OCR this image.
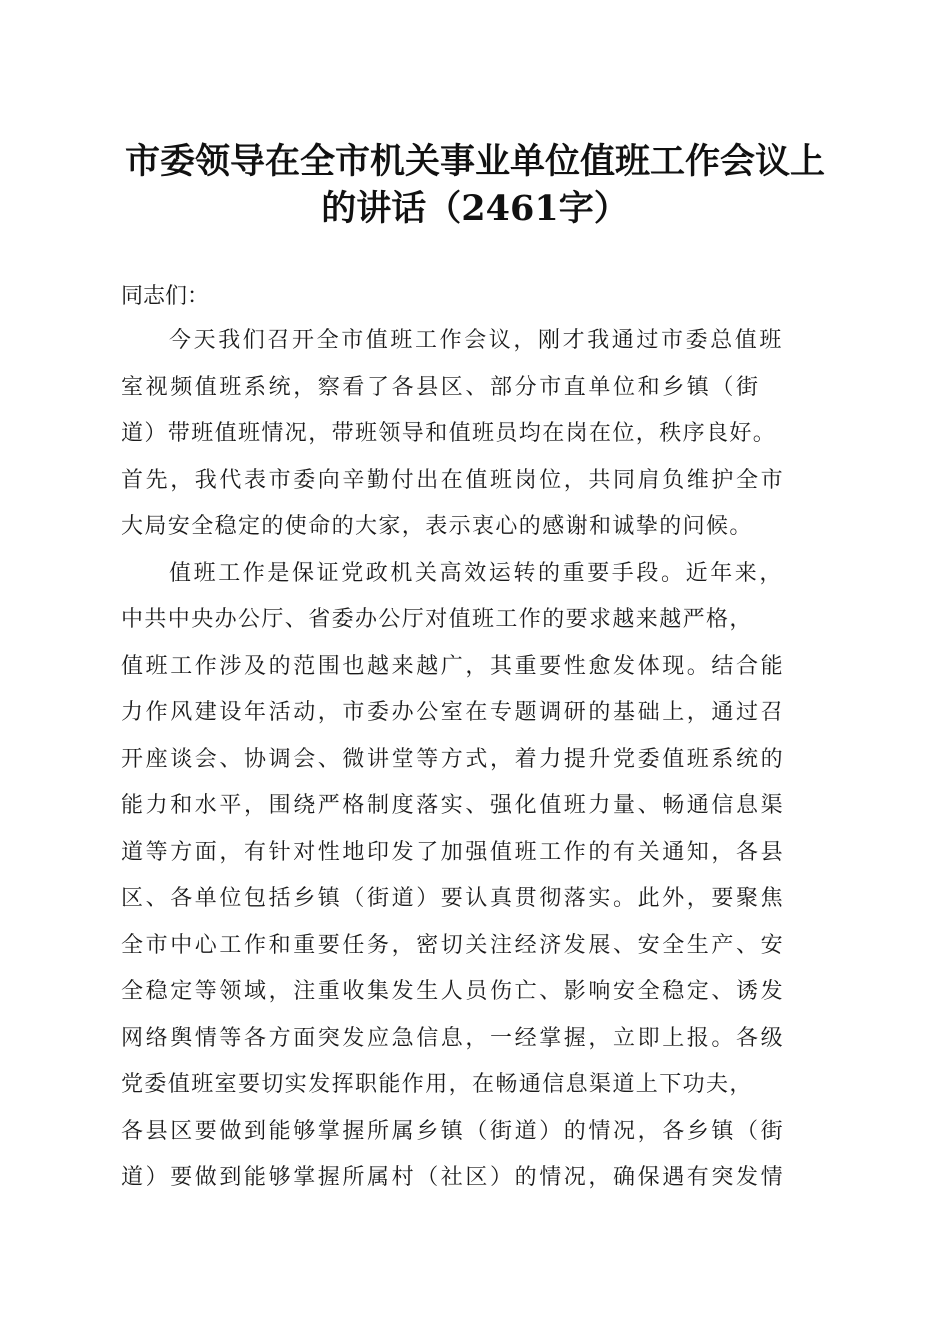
市委领导在全市机关事业单位值班工作会议上
的讲话（2461字）

同志们：

今天我们召开全市值班工作会议，刚才我通过市委总值班
室视频值班系统，察看了各县区、部分市直单位和乡镇（街
道）带班值班情况，带班领导和值班员均在岗在位，秩序良好。
首先，我代表市委向辛勤付出在值班岗位，共同肩负维护全市
大局安全稳定的使命的大家，表示衷心的感谢和诚挚的问候。
值班工作是保证党政机关高效运转的重要手段。近年来，
中共中央办公厅、省委办公厅对值班工作的要求越来越严格，
值班工作涉及的范围也越来越广，其重要性愈发体现。结合能
力作风建设年活动，市委办公室在专题调研的基础上，通过召
开座谈会、协调会、微讲堂等方式，着力提升党委值班系统的
能力和水平，围绕严格制度落实、强化值班力量、畅通信息渠
道等方面，有针对性地印发了加强值班工作的有关通知，各县
区、各单位包括乡镇（街道）要认真贯彻落实。此外，要聚焦
全市中心工作和重要任务，密切关注经济发展、安全生产、安
全稳定等领域，注重收集发生人员伤亡、影响安全稳定、诱发
网络舆情等各方面突发应急信息，一经掌握，立即上报。各级
党委值班室要切实发挥职能作用，在畅通信息渠道上下功夫，
各县区要做到能够掌握所属乡镇（街道）的情况，各乡镇（街
道）要做到能够掌握所属村（社区）的情况，确保遇有突发情
